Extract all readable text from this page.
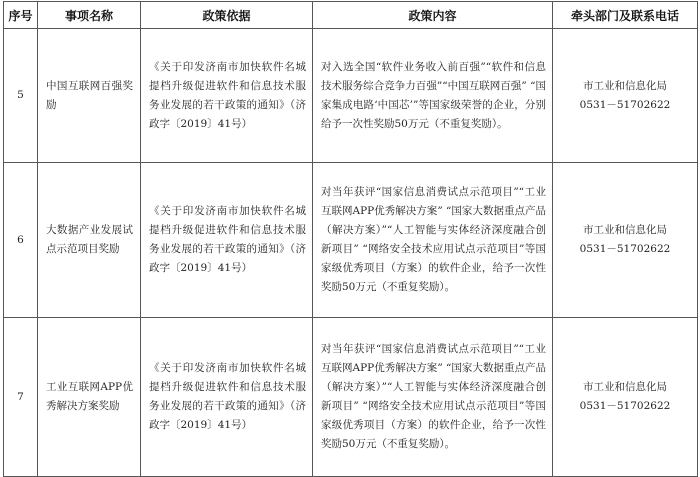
序号	事项名称	政策依据	政策内容	牵头部门及联系电话
5	中国互联网百强奖励	《关于印发济南市加快软件名城提档升级促进软件和信息技术服务业发展的若干政策的通知》（济政字〔2019〕41号）	对入选全国“软件业务收入前百强”“软件和信息技术服务综合竞争力百强”“中国互联网百强” “国家集成电路‘中国芯’”等国家级荣誉的企业，分别给予一次性奖励50万元（不重复奖励）。	市工业和信息化局
0531－51702622

6	大数据产业发展试点示范项目奖励	《关于印发济南市加快软件名城提档升级促进软件和信息技术服务业发展的若干政策的通知》（济政字〔2019〕41号）	对当年获评“国家信息消费试点示范项目”“工业互联网APP优秀解决方案” “国家大数据重点产品（解决方案）”“人工智能与实体经济深度融合创新项目” “网络安全技术应用试点示范项目”等国家级优秀项目（方案）的软件企业，给予一次性奖励50万元（不重复奖励）。	市工业和信息化局
0531－51702622

7	工业互联网APP优秀解决方案奖励	《关于印发济南市加快软件名城提档升级促进软件和信息技术服务业发展的若干政策的通知》（济政字〔2019〕41号）	对当年获评“国家信息消费试点示范项目”“工业互联网APP优秀解决方案” “国家大数据重点产品（解决方案）”“人工智能与实体经济深度融合创新项目” “网络安全技术应用试点示范项目”等国家级优秀项目（方案）的软件企业，给予一次性奖励50万元（不重复奖励）。	市工业和信息化局
0531－51702622
